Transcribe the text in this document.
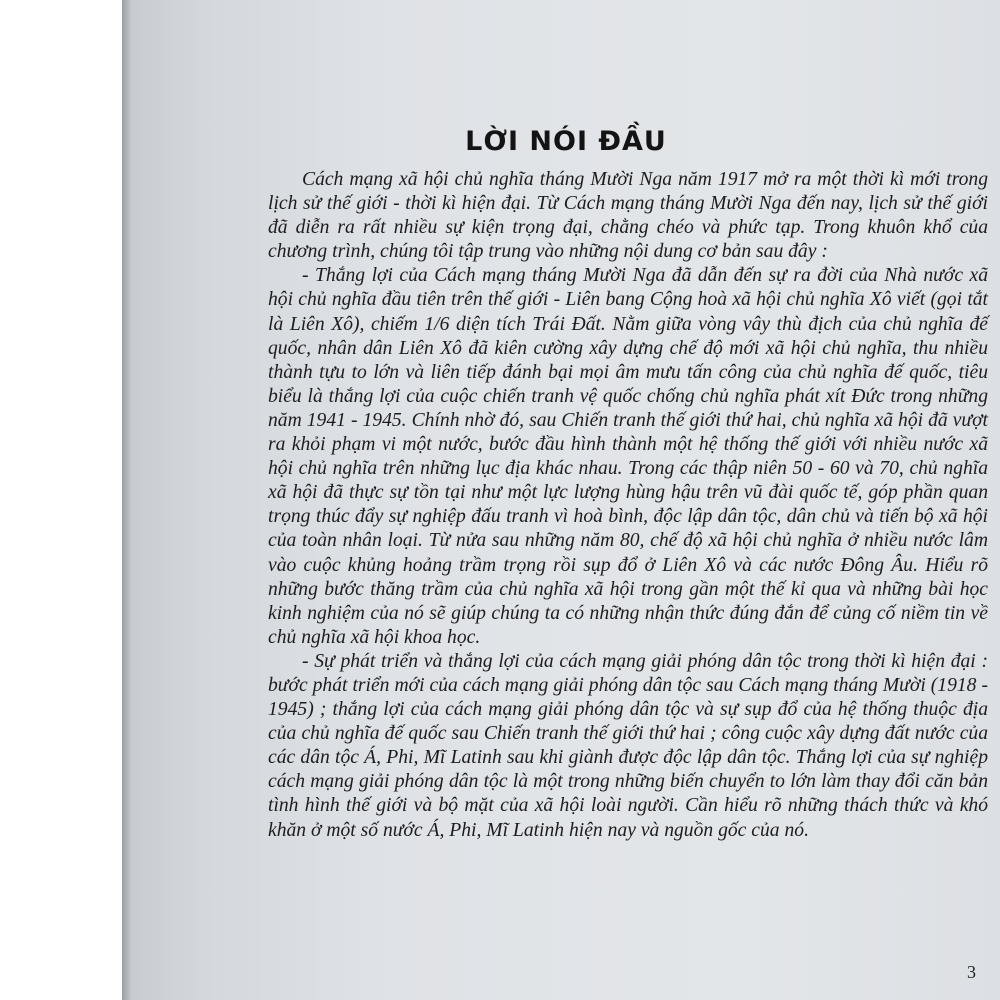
LỜI NÓI ĐẦU

Cách mạng xã hội chủ nghĩa tháng Mười Nga năm 1917 mở ra một thời kì mới trong lịch sử thế giới - thời kì hiện đại. Từ Cách mạng tháng Mười Nga đến nay, lịch sử thế giới đã diễn ra rất nhiều sự kiện trọng đại, chằng chéo và phức tạp. Trong khuôn khổ của chương trình, chúng tôi tập trung vào những nội dung cơ bản sau đây :

- Thắng lợi của Cách mạng tháng Mười Nga đã dẫn đến sự ra đời của Nhà nước xã hội chủ nghĩa đầu tiên trên thế giới - Liên bang Cộng hoà xã hội chủ nghĩa Xô viết (gọi tắt là Liên Xô), chiếm 1/6 diện tích Trái Đất. Nằm giữa vòng vây thù địch của chủ nghĩa đế quốc, nhân dân Liên Xô đã kiên cường xây dựng chế độ mới xã hội chủ nghĩa, thu nhiều thành tựu to lớn và liên tiếp đánh bại mọi âm mưu tấn công của chủ nghĩa đế quốc, tiêu biểu là thắng lợi của cuộc chiến tranh vệ quốc chống chủ nghĩa phát xít Đức trong những năm 1941 - 1945. Chính nhờ đó, sau Chiến tranh thế giới thứ hai, chủ nghĩa xã hội đã vượt ra khỏi phạm vi một nước, bước đầu hình thành một hệ thống thế giới với nhiều nước xã hội chủ nghĩa trên những lục địa khác nhau. Trong các thập niên 50 - 60 và 70, chủ nghĩa xã hội đã thực sự tồn tại như một lực lượng hùng hậu trên vũ đài quốc tế, góp phần quan trọng thúc đẩy sự nghiệp đấu tranh vì hoà bình, độc lập dân tộc, dân chủ và tiến bộ xã hội của toàn nhân loại. Từ nửa sau những năm 80, chế độ xã hội chủ nghĩa ở nhiều nước lâm vào cuộc khủng hoảng trầm trọng rồi sụp đổ ở Liên Xô và các nước Đông Âu. Hiểu rõ những bước thăng trầm của chủ nghĩa xã hội trong gần một thế kỉ qua và những bài học kinh nghiệm của nó sẽ giúp chúng ta có những nhận thức đúng đắn để củng cố niềm tin về chủ nghĩa xã hội khoa học.

- Sự phát triển và thắng lợi của cách mạng giải phóng dân tộc trong thời kì hiện đại : bước phát triển mới của cách mạng giải phóng dân tộc sau Cách mạng tháng Mười (1918 - 1945) ; thắng lợi của cách mạng giải phóng dân tộc và sự sụp đổ của hệ thống thuộc địa của chủ nghĩa đế quốc sau Chiến tranh thế giới thứ hai ; công cuộc xây dựng đất nước của các dân tộc Á, Phi, Mĩ Latinh sau khi giành được độc lập dân tộc. Thắng lợi của sự nghiệp cách mạng giải phóng dân tộc là một trong những biến chuyển to lớn làm thay đổi căn bản tình hình thế giới và bộ mặt của xã hội loài người. Cần hiểu rõ những thách thức và khó khăn ở một số nước Á, Phi, Mĩ Latinh hiện nay và nguồn gốc của nó.

3
